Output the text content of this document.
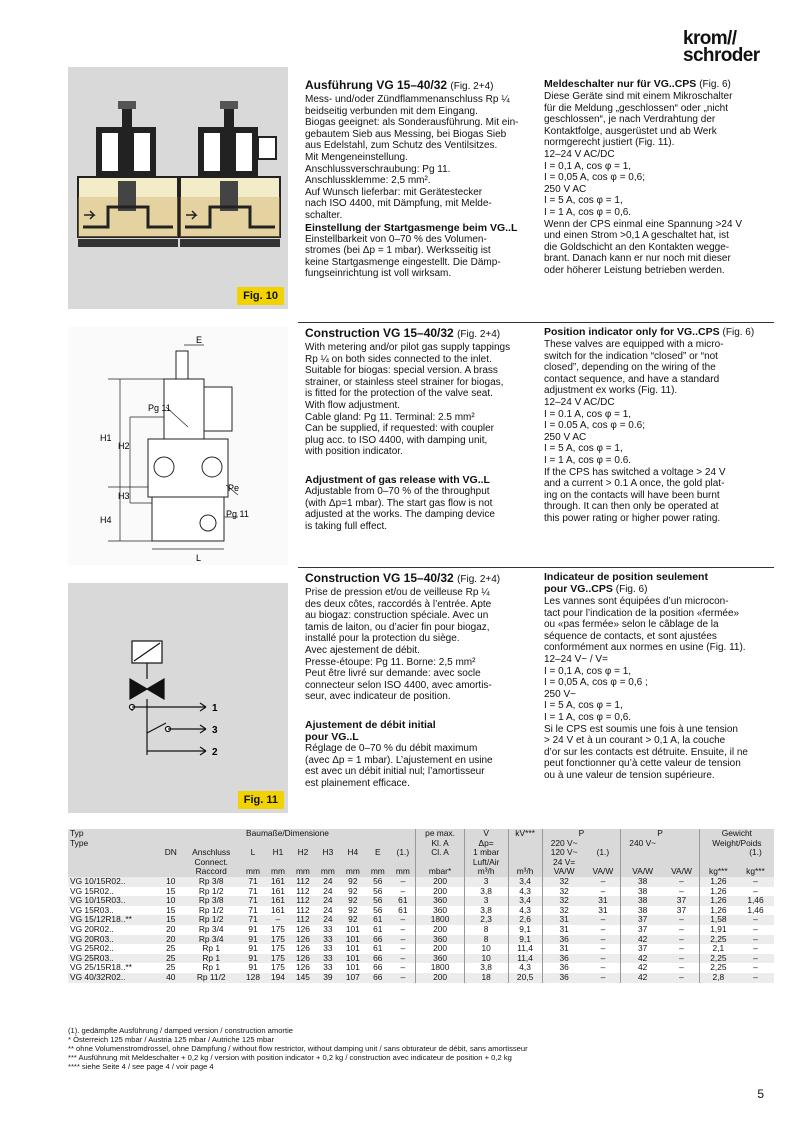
krom//
schroder
Fig. 10
E
H1
H2
H3
H4
L
Pg 11
Pg 11
Pe
1
3
2
Fig. 11

Ausführung VG 15–40/32 (Fig. 2+4)

Mess- und/oder Zündflammenanschluss Rp ¼

beidseitig verbunden mit dem Eingang.

Biogas geeignet: als Sonderausführung. Mit ein-

gebautem Sieb aus Messing, bei Biogas Sieb

aus Edelstahl, zum Schutz des Ventilsitzes.

Mit Mengeneinstellung.

Anschlussverschraubung: Pg 11.

Anschlussklemme: 2,5 mm².

Auf Wunsch lieferbar: mit Gerätestecker

nach ISO 4400, mit Dämpfung, mit Melde-

schalter.

Einstellung der Startgasmenge beim VG..L

Einstellbarkeit von 0–70 % des Volumen-

stromes (bei Δp = 1 mbar). Werksseitig ist

keine Startgasmenge eingestellt. Die Dämp-

fungseinrichtung ist voll wirksam.

Meldeschalter nur für VG..CPS (Fig. 6)

Diese Geräte sind mit einem Mikroschalter

für die Meldung „geschlossen“ oder „nicht

geschlossen“, je nach Verdrahtung der

Kontaktfolge, ausgerüstet und ab Werk

normgerecht justiert (Fig. 11).

12–24 V AC/DC

I = 0,1 A, cos φ = 1,

I = 0,05 A, cos φ = 0,6;

250 V AC

I = 5 A, cos φ = 1,

I = 1 A, cos φ = 0,6.

Wenn der CPS einmal eine Spannung >24 V

und einen Strom >0,1 A geschaltet hat, ist

die Goldschicht an den Kontakten wegge-

brant. Danach kann er nur noch mit dieser

oder höherer Leistung betrieben werden.

Construction VG 15–40/32 (Fig. 2+4)

With metering and/or pilot gas supply tappings

Rp ¼ on both sides connected to the inlet.

Suitable for biogas: special version. A brass

strainer, or stainless steel strainer for biogas,

is fitted for the protection of the valve seat.

With flow adjustment.

Cable gland: Pg 11. Terminal: 2.5 mm²

Can be supplied, if requested: with coupler

plug acc. to ISO 4400, with damping unit,

with position indicator.

Adjustment of gas release with VG..L

Adjustable from 0–70 % of the throughput

(with Δp=1 mbar). The start gas flow is not

adjusted at the works. The damping device

is taking full effect.

Position indicator only for VG..CPS (Fig. 6)

These valves are equipped with a micro-

switch for the indication “closed” or “not

closed”, depending on the wiring of the

contact sequence, and have a standard

adjustment ex works (Fig. 11).

12–24 V AC/DC

I = 0.1 A, cos φ = 1,

I = 0.05 A, cos φ = 0.6;

250 V AC

I = 5 A, cos φ = 1,

I = 1 A, cos φ = 0.6.

If the CPS has switched a voltage > 24 V

and a current > 0.1 A once, the gold plat-

ing on the contacts will have been burnt

through. It can then only be operated at

this power rating or higher power rating.

Construction VG 15–40/32 (Fig. 2+4)

Prise de pression et/ou de veilleuse Rp ¼

des deux côtes, raccordés à l’entrée. Apte

au biogaz: construction spéciale. Avec un

tamis de laiton, ou d’acier fin pour biogaz,

installé pour la protection du siège.

Avec ajestement de débit.

Presse-étoupe: Pg 11. Borne: 2,5 mm²

Peut être livré sur demande: avec socle

connecteur selon ISO 4400, avec amortis-

seur, avec indicateur de position.

Ajustement de débit initial

pour VG..L

Réglage de 0–70 % du débit maximum

(avec Δp = 1 mbar). L’ajustement en usine

est avec un débit initial nul; l’amortisseur

est plainement efficace.

Indicateur de position seulement

pour VG..CPS (Fig. 6)

Les vannes sont équipées d’un microcon-

tact pour l’indication de la position «fermée»

ou «pas fermée» selon le câblage de la

séquence de contacts, et sont ajustées

conformément aux normes en usine (Fig. 11).

12–24 V~ / V=

I = 0,1 A, cos φ = 1,

I = 0,05 A, cos φ = 0,6 ;

250 V~

I = 5 A, cos φ = 1,

I = 1 A, cos φ = 0,6.

Si le CPS est soumis une fois à une tension

> 24 V et à un courant > 0,1 A, la couche

d’or sur les contacts est détruite. Ensuite, il ne

peut fonctionner qu’à cette valeur de tension

ou à une valeur de tension supérieure.

Typ	Baumaße/Dimensione									pe max.	V̇	kV***	P		P		Gewicht	
Type										Kl. A	Δp=		220 V~		240 V~		Weight/Poids	
	DN	Anschluss	L	H1	H2	H3	H4	E	(1.)	Cl. A	1 mbar		120 V~	(1.)				(1.)
		Connect.									Luft/Air		24 V=					
		Raccord	mm	mm	mm	mm	mm	mm	mm	mbar*	m³/h	m³/h	VA/W	VA/W	VA/W	VA/W	kg***	kg***
VG 10/15R02..	10	Rp 3/8	71	161	112	24	92	56	–	200	3	3,4	32	–	38	–	1,26	–
VG 15R02..	15	Rp 1/2	71	161	112	24	92	56	–	200	3,8	4,3	32	–	38	–	1,26	–
VG 10/15R03..	10	Rp 3/8	71	161	112	24	92	56	61	360	3	3,4	32	31	38	37	1,26	1,46
VG 15R03..	15	Rp 1/2	71	161	112	24	92	56	61	360	3,8	4,3	32	31	38	37	1,26	1,46
VG 15/12R18..**	15	Rp 1/2	71	–	112	24	92	61	–	1800	2,3	2,6	31	–	37	–	1,58	–
VG 20R02..	20	Rp 3/4	91	175	126	33	101	61	–	200	8	9,1	31	–	37	–	1,91	–
VG 20R03..	20	Rp 3/4	91	175	126	33	101	66	–	360	8	9,1	36	–	42	–	2,25	–
VG 25R02..	25	Rp 1	91	175	126	33	101	61	–	200	10	11,4	31	–	37	–	2,1	–
VG 25R03..	25	Rp 1	91	175	126	33	101	66	–	360	10	11,4	36	–	42	–	2,25	–
VG 25/15R18..**	25	Rp 1	91	175	126	33	101	66	–	1800	3,8	4,3	36	–	42	–	2,25	–
VG 40/32R02..	40	Rp 11/2	128	194	145	39	107	66	–	200	18	20,5	36	–	42	–	2,8	–

(1). gedämpfte Ausführung / damped version / construction amortie

* Österreich 125 mbar / Austria 125 mbar / Autriche 125 mbar

** ohne Volumenstromdrossel, ohne Dämpfung / without flow restrictor, without damping unit / sans obturateur de débit, sans amortisseur

*** Ausführung mit Meldeschalter + 0,2 kg / version with position indicator + 0,2 kg / construction avec indicateur de position + 0,2 kg

**** siehe Seite 4 / see page 4 / voir page 4

5
